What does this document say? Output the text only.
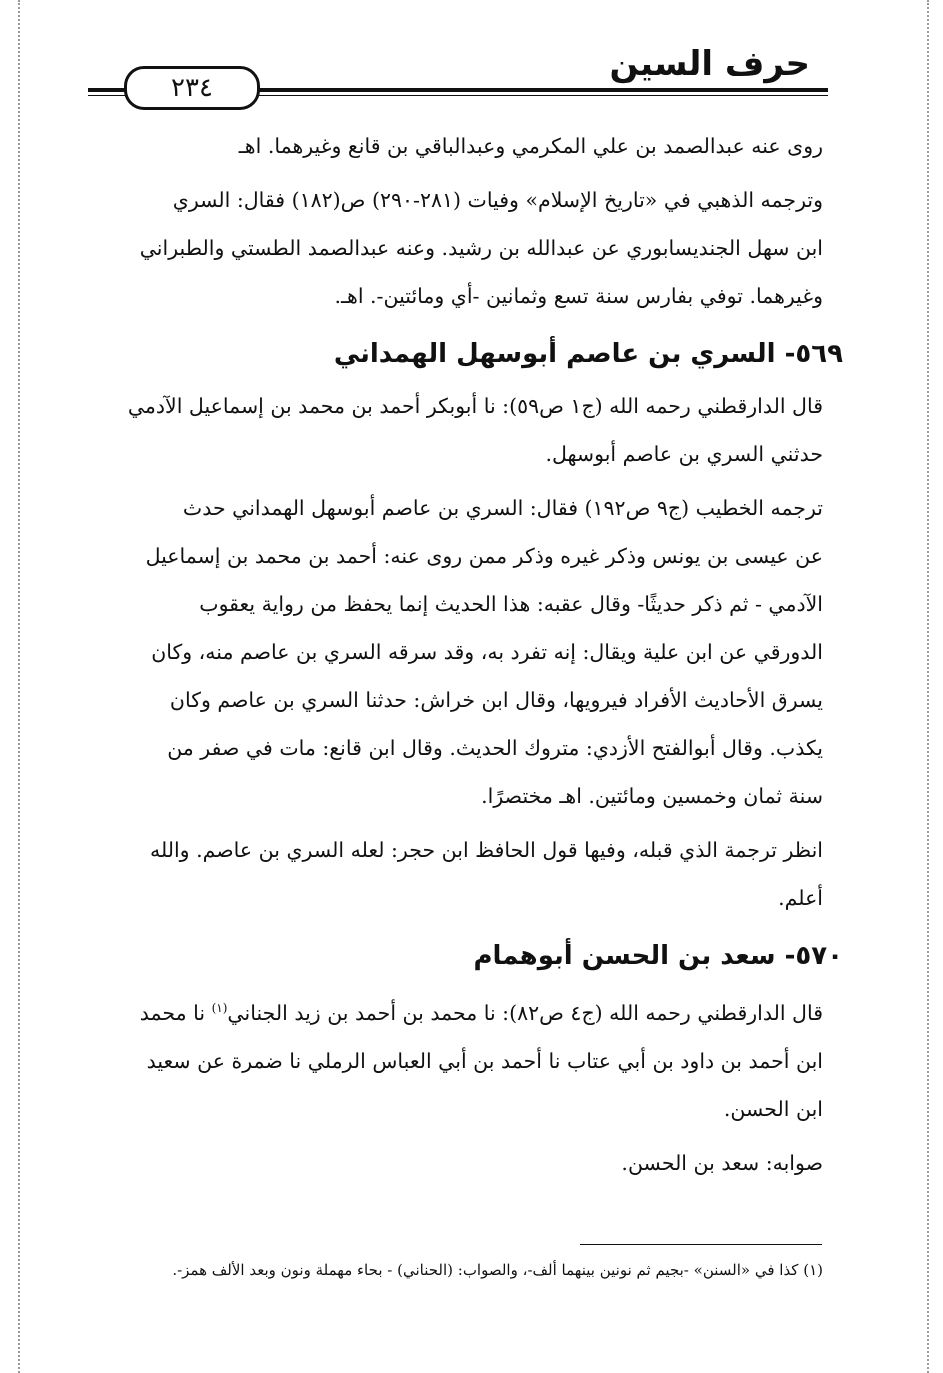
حرف السين
٢٣٤
روى عنه عبدالصمد بن علي المكرمي وعبدالباقي بن قانع وغيرهما. اهـ
وترجمه الذهبي في «تاريخ الإسلام» وفيات (٢٨١-٢٩٠) ص(١٨٢) فقال: السري
ابن سهل الجنديسابوري عن عبدالله بن رشيد. وعنه عبدالصمد الطستي والطبراني
وغيرهما. توفي بفارس سنة تسع وثمانين -أي ومائتين-. اهـ.
٥٦٩- السري بن عاصم أبوسهل الهمداني
قال الدارقطني رحمه الله (ج١ ص٥٩): نا أبوبكر أحمد بن محمد بن إسماعيل الآدمي
حدثني السري بن عاصم أبوسهل.
ترجمه الخطيب (ج٩ ص١٩٢) فقال: السري بن عاصم أبوسهل الهمداني حدث
عن عيسى بن يونس وذكر غيره وذكر ممن روى عنه: أحمد بن محمد بن إسماعيل
الآدمي - ثم ذكر حديثًا- وقال عقبه: هذا الحديث إنما يحفظ من رواية يعقوب
الدورقي عن ابن علية ويقال: إنه تفرد به، وقد سرقه السري بن عاصم منه، وكان
يسرق الأحاديث الأفراد فيرويها، وقال ابن خراش: حدثنا السري بن عاصم وكان
يكذب. وقال أبوالفتح الأزدي: متروك الحديث. وقال ابن قانع: مات في صفر من
سنة ثمان وخمسين ومائتين. اهـ مختصرًا.
انظر ترجمة الذي قبله، وفيها قول الحافظ ابن حجر: لعله السري بن عاصم. والله
أعلم.
٥٧٠- سعد بن الحسن أبوهمام
قال الدارقطني رحمه الله (ج٤ ص٨٢): نا محمد بن أحمد بن زيد الجناني$^{(١)}$ نا محمد
ابن أحمد بن داود بن أبي عتاب نا أحمد بن أبي العباس الرملي نا ضمرة عن سعيد
ابن الحسن.
صوابه: سعد بن الحسن.
(١) كذا في «السنن» -بجيم ثم نونين بينهما ألف-، والصواب: (الحناني) - بحاء مهملة ونون وبعد الألف همز-.
